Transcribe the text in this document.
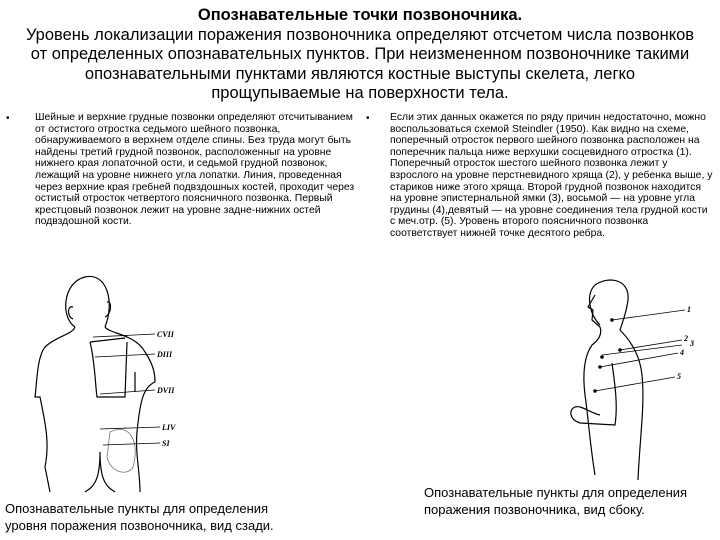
Опознавательные точки позвоночника.
Уровень локализации поражения позвоночника определяют отсчетом числа позвонков от определенных опознавательных пунктов. При неизмененном позвоночнике такими опознавательными пунктами являются костные выступы скелета, легко прощупываемые на поверхности тела.
• Шейные и верхние грудные позвонки определяют отсчитыванием от остистого отростка седьмого шейного позвонка, обнаруживаемого в верхнем отделе спины. Без труда могут быть найдены третий грудной позвонок, расположенныг на уровне нижнего края лопаточной ости, и седьмой грудной позвонок, лежащий на уровне нижнего угла лопатки. Линия, проведенная через верхние края гребней подвздошных костей, проходит через остистый отросток четвертого поясничного позвонка. Первый крестцовый позвонок лежит на уровне задне-нижних остей подвздошной кости.
• Если этих данных окажется по ряду причин недостаточно, можно воспользоваться схемой Steindler (1950). Как видно на схеме, поперечный отросток первого шейного позвонка расположен на поперечник пальца ниже верхушки сосцевидного отростка (1). Поперечный отросток шестого шейного позвонка лежит у взрослого на уровне перстневидного хряща (2), у ребенка выше, у стариков ниже этого хряща. Второй грудной позвонок находится на уровне эпистернальной ямки (3), восьмой — на уровне угла грудины (4),девятый — на уровне соединения тела грудной кости с меч.отр. (5). Уровень второго поясничного позвонка соответствует нижней точке десятого ребра.
CVII
DIII
DVII
LIV
SI
Опознавательные пункты для определения уровня поражения позвоночника, вид сзади.
1
2
3
4
5
Опознавательные пункты для определения поражения позвоночника, вид сбоку.
